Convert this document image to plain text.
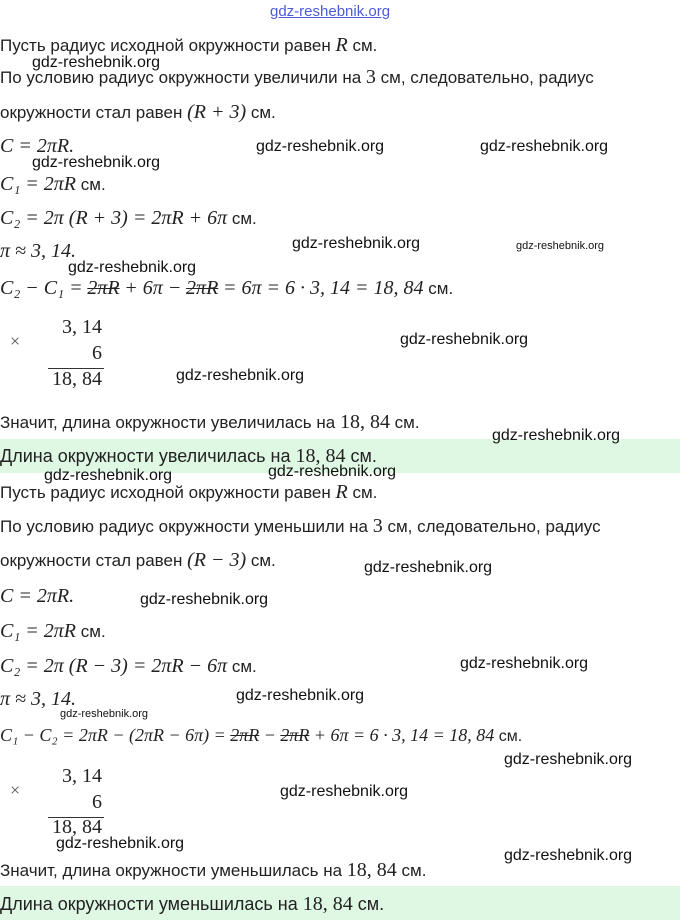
Пусть радиус исходной окружности равен R см.
По условию радиус окружности увеличили на 3 см, следовательно, радиус
окружности стал равен (R + 3) см.
C = 2πR.
C₁ = 2πR см.
C₂ = 2π (R + 3) = 2πR + 6π см.
π ≈ 3, 14.
C₂ − C₁ = 2πR + 6π − 2πR = 6π = 6 · 3, 14 = 18, 84 см.
×
3, 14
6
18, 84
Значит, длина окружности увеличилась на 18, 84 см.
Длина окружности увеличилась на 18, 84 см.
Пусть радиус исходной окружности равен R см.
По условию радиус окружности уменьшили на 3 см, следовательно, радиус
окружности стал равен (R − 3) см.
C = 2πR.
C₁ = 2πR см.
C₂ = 2π (R − 3) = 2πR − 6π см.
π ≈ 3, 14.
C₁ − C₂ = 2πR − (2πR − 6π) = 2πR − 2πR + 6π = 6 · 3, 14 = 18, 84 см.
×
3, 14
6
18, 84
Значит, длина окружности уменьшилась на 18, 84 см.
Длина окружности уменьшилась на 18, 84 см.
gdz-reshebnik.org
gdz-reshebnik.org
gdz-reshebnik.org
gdz-reshebnik.org	gdz-reshebnik.org
gdz-reshebnik.org	gdz-reshebnik.org
gdz-reshebnik.org
gdz-reshebnik.org
gdz-reshebnik.org
gdz-reshebnik.org
gdz-reshebnik.org	gdz-reshebnik.org
gdz-reshebnik.org
gdz-reshebnik.org
gdz-reshebnik.org
gdz-reshebnik.org
gdz-reshebnik.org
gdz-reshebnik.org
gdz-reshebnik.org
gdz-reshebnik.org
gdz-reshebnik.org
